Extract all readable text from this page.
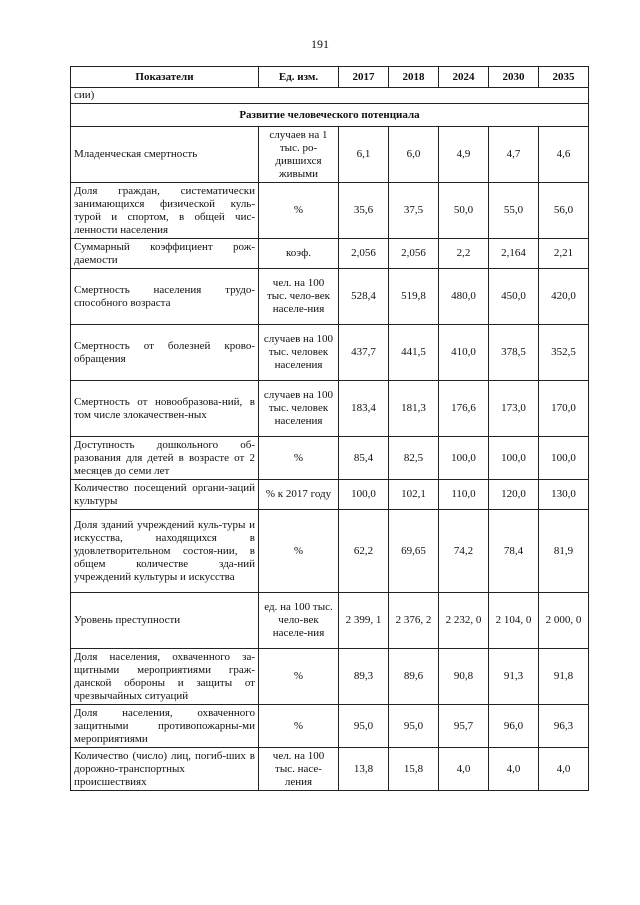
191
Показатели	Ед. изм.	2017	2018	2024	2030	2035
сии)						
Развитие человеческого потенциала						
Младенческая смертность	случаев на 1 тыс. ро-дившихся живыми	6,1	6,0	4,9	4,7	4,6
Доля граждан, систематически занимающихся физической куль-турой и спортом, в общей чис-ленности населения	%	35,6	37,5	50,0	55,0	56,0
Суммарный коэффициент рож-даемости	коэф.	2,056	2,056	2,2	2,164	2,21
Смертность населения трудо-способного возраста	чел. на 100 тыс. чело-век населе-ния	528,4	519,8	480,0	450,0	420,0
Смертность от болезней крово-обращения	случаев на 100 тыс. человек населения	437,7	441,5	410,0	378,5	352,5
Смертность от новообразова-ний, в том числе злокачествен-ных	случаев на 100 тыс. человек населения	183,4	181,3	176,6	173,0	170,0
Доступность дошкольного об-разования для детей в возрасте от 2 месяцев до семи лет	%	85,4	82,5	100,0	100,0	100,0
Количество посещений органи-заций культуры	% к 2017 году	100,0	102,1	110,0	120,0	130,0
Доля зданий учреждений куль-туры и искусства, находящихся в удовлетворительном состоя-нии, в общем количестве зда-ний учреждений культуры и искусства	%	62,2	69,65	74,2	78,4	81,9
Уровень преступности	ед. на 100 тыс. чело-век населе-ния	2 399, 1	2 376, 2	2 232, 0	2 104, 0	2 000, 0
Доля населения, охваченного за-щитными мероприятиями граж-данской обороны и защиты от чрезвычайных ситуаций	%	89,3	89,6	90,8	91,3	91,8
Доля населения, охваченного защитными противопожарны-ми мероприятиями	%	95,0	95,0	95,7	96,0	96,3
Количество (число) лиц, погиб-ших в дорожно-транспортных происшествиях	чел. на 100 тыс. насе-ления	13,8	15,8	4,0	4,0	4,0
